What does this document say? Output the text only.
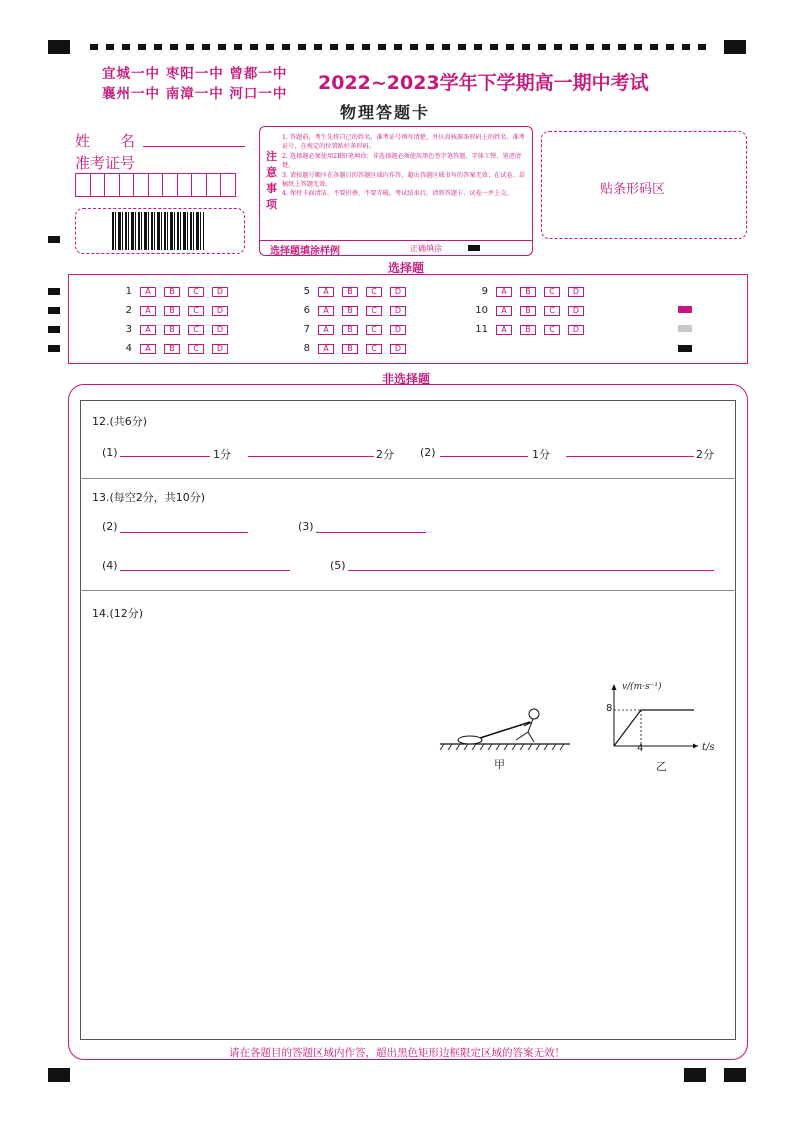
宜城一中 枣阳一中 曾都一中
襄州一中 南漳一中 河口一中 2022~2023学年下学期高一期中考试
物理答题卡
姓　　名
准考证号	注意事项
1. 答题前，考生先将自己的姓名、准考证号填写清楚，并认真核准条形码上的姓名、准考证号，在规定的位置贴好条形码。
2. 选择题必须使用2B铅笔填涂；非选择题必须使用黑色签字笔答题，字体工整、笔迹清楚。
3. 请按题号顺序在各题目的答题区域内作答，超出答题区域书写的答案无效；在试卷、草稿纸上答题无效。
4. 保持卡面清洁，不要折叠、不要弄破，考试结束后，请将答题卡、试卷一并上交。
选择题填涂样例	正确填涂
贴条形码区
选择题
1	A	B	C	D
2	A	B	C	D
3	A	B	C	D
4	A	B	C	D
5	A	B	C	D
6	A	B	C	D
7	A	B	C	D
8	A	B	C	D
9	A	B	C	D
10	A	B	C	D
11	A	B	C	D
非选择题
12.(共6分)
(1)	1分	2分 (2)	1分	2分
13.(每空2分，共10分)
(2)	(3)
(4)	(5)
14.(12分)
甲
v/(m·s⁻¹)
t/s
8
4
乙
请在各题目的答题区域内作答，超出黑色矩形边框限定区域的答案无效！
